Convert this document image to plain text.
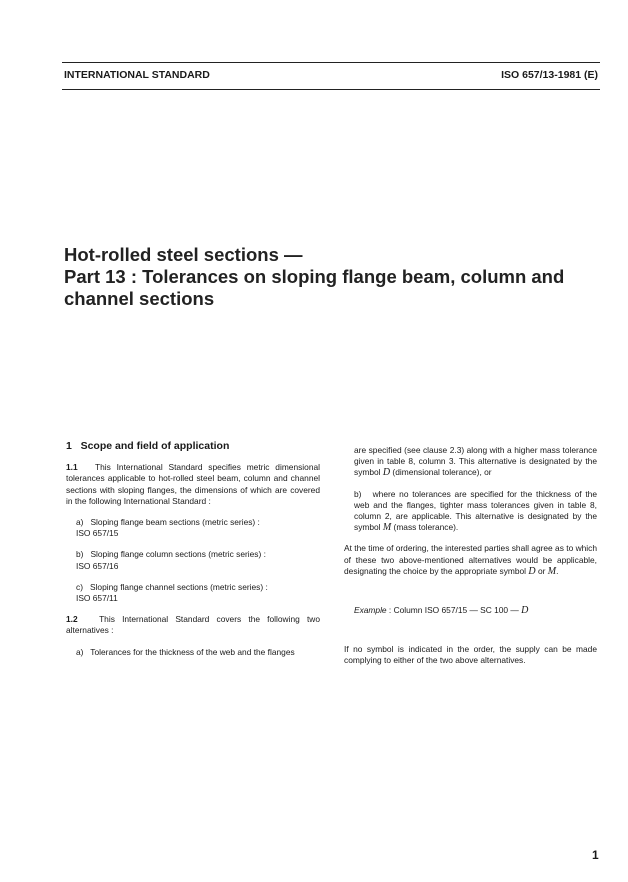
INTERNATIONAL STANDARD	ISO 657/13-1981 (E)
Hot-rolled steel sections —
Part 13 : Tolerances on sloping flange beam, column and
channel sections

1   Scope and field of application

1.1 This International Standard specifies metric dimensional tolerances applicable to hot-rolled steel beam, column and channel sections with sloping flanges, the dimensions of which are covered in the following International Standard :

a) Sloping flange beam sections (metric series) :
ISO 657/15

b) Sloping flange column sections (metric series) :
ISO 657/16

c) Sloping flange channel sections (metric series) :
ISO 657/11

1.2	This International Standard covers the following two alternatives :

a) Tolerances for the thickness of the web and the flanges

are specified (see clause 2.3) along with a higher mass tolerance given in table 8, column 3. This alternative is designated by the symbol D (dimensional tolerance), or

b) where no tolerances are specified for the thickness of the web and the flanges, tighter mass tolerances given in table 8, column 2, are applicable. This alternative is designated by the symbol M (mass tolerance).

At the time of ordering, the interested parties shall agree as to which of these two above-mentioned alternatives would be applicable, designating the choice by the appropriate symbol D or M.

Example : Column ISO 657/15 — SC 100 — D

If no symbol is indicated in the order, the supply can be made complying to either of the two above alternatives.

1
